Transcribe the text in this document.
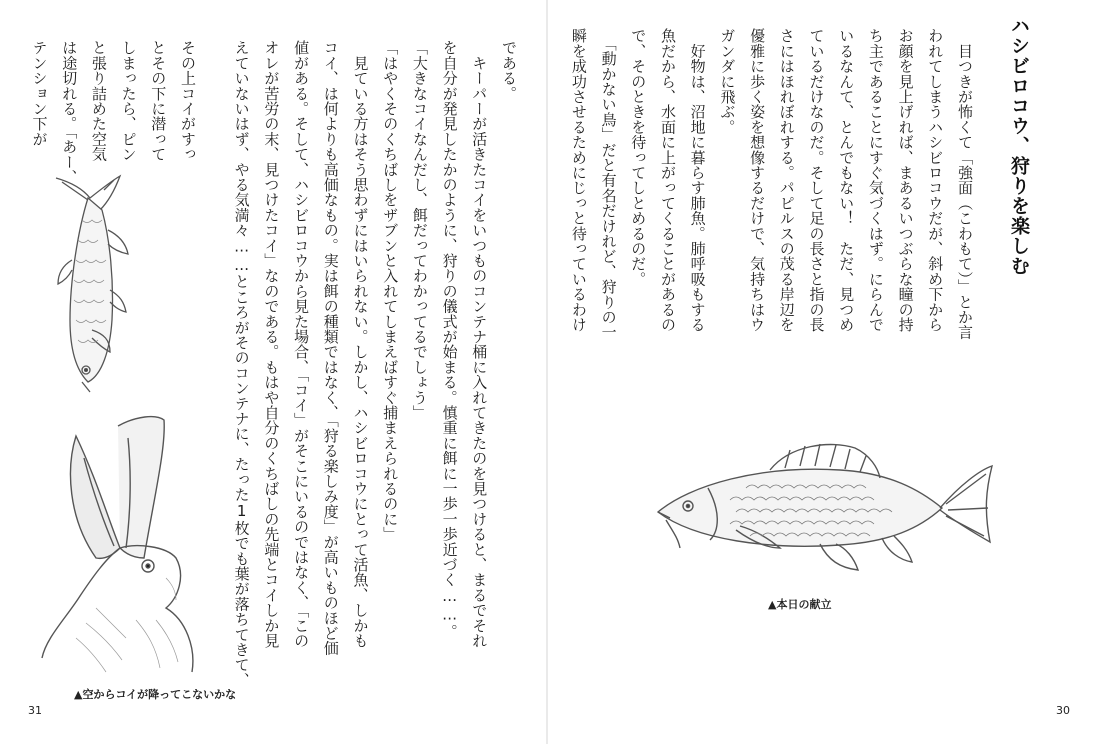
ハシビロコウ、狩りを楽しむ

　目つきが怖くて「強面（こわもて）」とか言

われてしまうハシビロコウだが、斜め下から

お顔を見上げれば、まあるいつぶらな瞳の持

ち主であることにすぐ気づくはず。にらんで

いるなんて、とんでもない！　ただ、見つめ

ているだけなのだ。そして足の長さと指の長

さにはほれぼれする。パピルスの茂る岸辺を

優雅に歩く姿を想像するだけで、気持ちはウ

ガンダに飛ぶ。

　好物は、沼地に暮らす肺魚。肺呼吸もする

魚だから、水面に上がってくることがあるの

で、そのときを待ってしとめるのだ。

　「動かない鳥」だと有名だけれど、狩りの一

瞬を成功させるためにじっと待っているわけ

である。

　キーパーが活きたコイをいつものコンテナ桶に入れてきたのを見つけると、まるでそれ

を自分が発見したかのように、狩りの儀式が始まる。慎重に餌に一歩一歩近づく……。

「大きなコイなんだし、餌だってわかってるでしょう」

「はやくそのくちばしをザブンと入れてしまえばすぐ捕まえられるのに」

　見ている方はそう思わずにはいられない。しかし、ハシビロコウにとって活魚、しかも

コイ、は何よりも高価なもの。実は餌の種類ではなく、「狩る楽しみ度」が高いものほど価

値がある。そして、ハシビロコウから見た場合、「コイ」がそこにいるのではなく、「この

オレが苦労の末、見つけたコイ」なのである。もはや自分のくちばしの先端とコイしか見

えていないはず、やる気満々……ところがそのコンテナに、たった1枚でも葉が落ちてきて、

その上コイがすっ

とその下に潜って

しまったら、ピン

と張り詰めた空気

は途切れる。「あー、

テンション下が

▲本日の献立
▲空からコイが降ってこないかな
31	30
